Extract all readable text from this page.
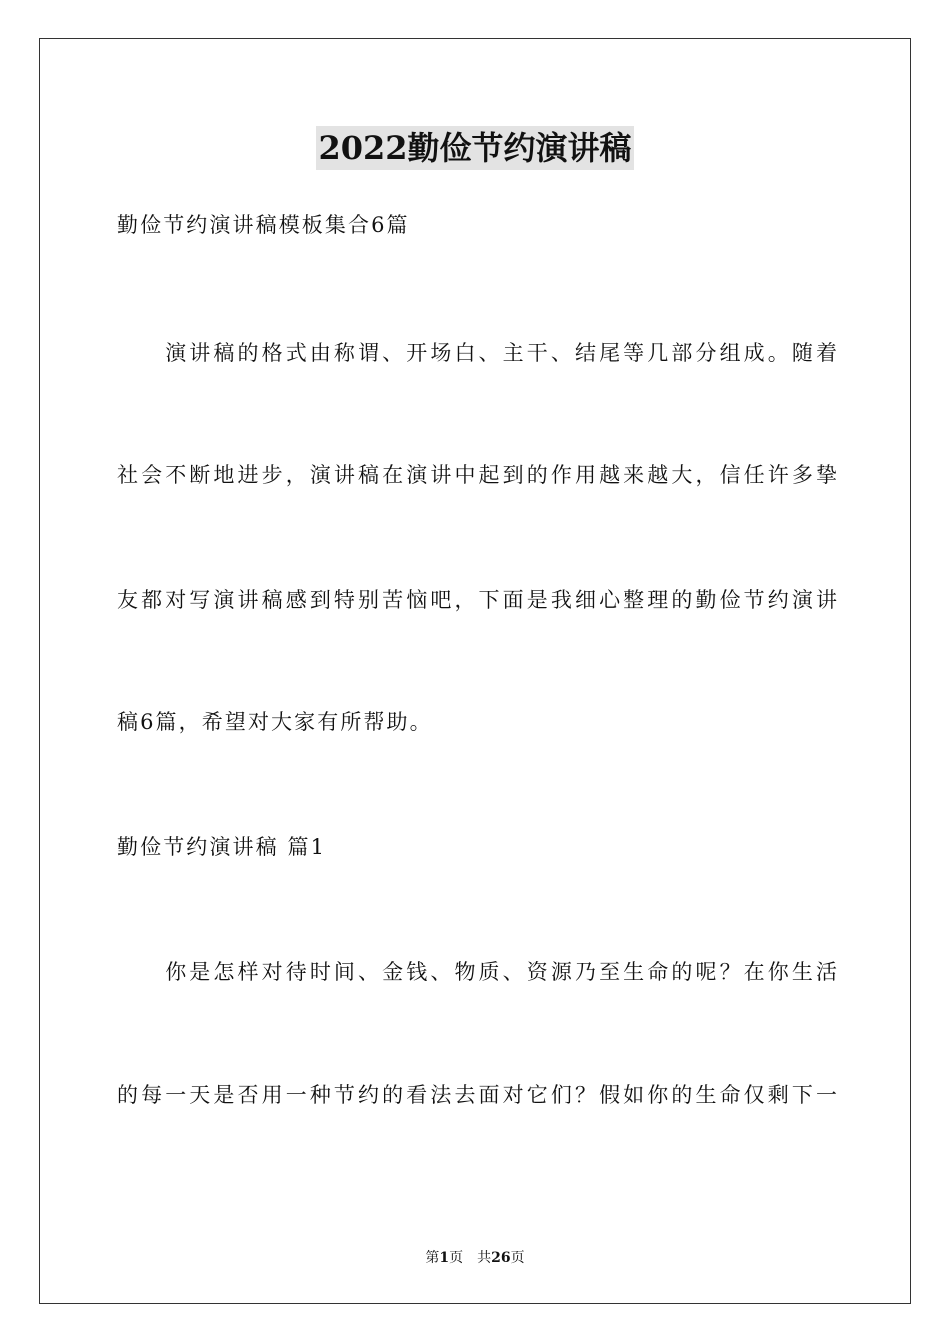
2022勤俭节约演讲稿
勤俭节约演讲稿模板集合6篇
　　演讲稿的格式由称谓、开场白、主干、结尾等几部分组成。随着
社会不断地进步，演讲稿在演讲中起到的作用越来越大，信任许多挚
友都对写演讲稿感到特别苦恼吧，下面是我细心整理的勤俭节约演讲
稿6篇，希望对大家有所帮助。
勤俭节约演讲稿 篇1
　　你是怎样对待时间、金钱、物质、资源乃至生命的呢？在你生活
的每一天是否用一种节约的看法去面对它们？假如你的生命仅剩下一
第1页　共26页
